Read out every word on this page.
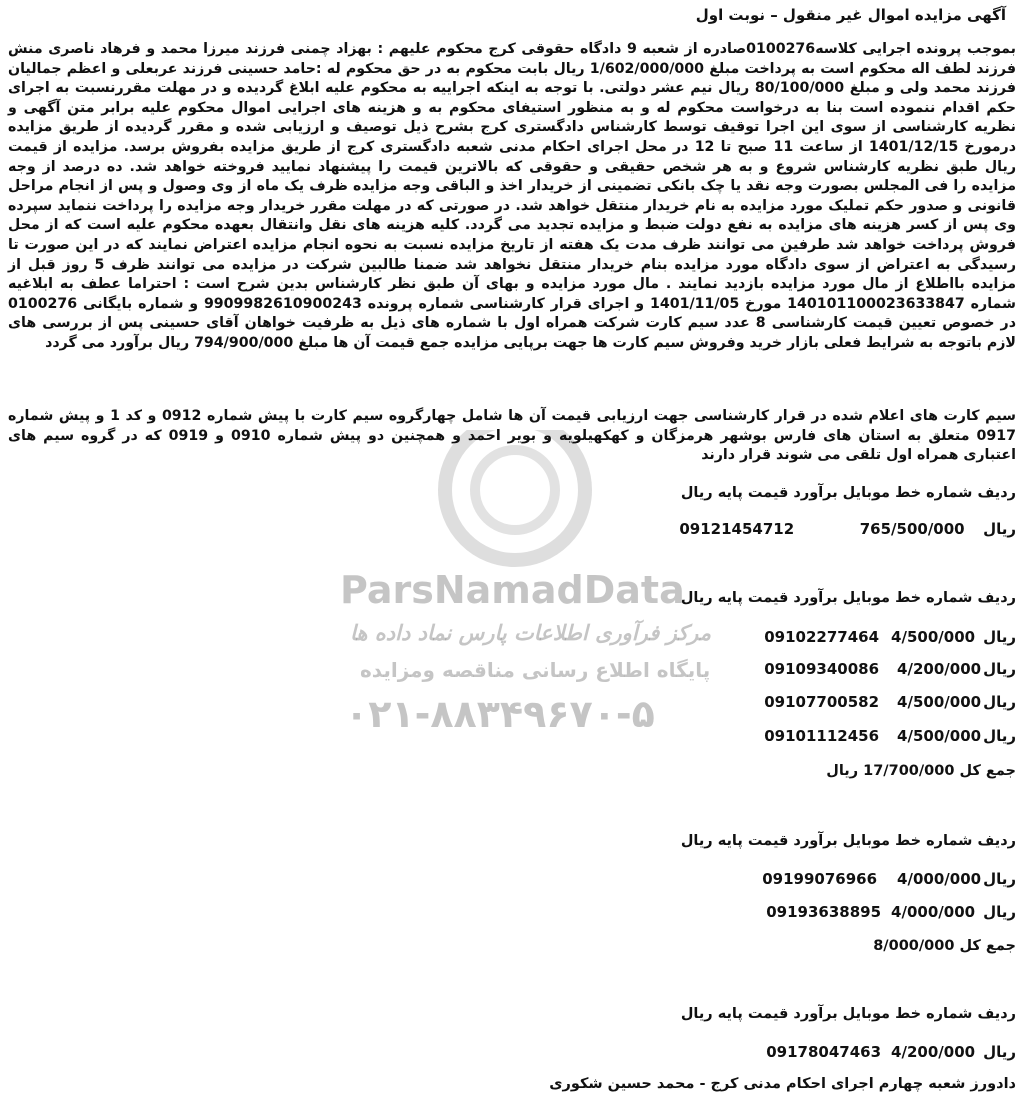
ParsNamadData
مرکز فرآوری اطلاعات پارس نماد داده ها
پایگاه اطلاع رسانی مناقصه ومزایده
۰۲۱-۸۸۳۴۹۶۷۰-۵
آگهی مزایده اموال غیر منقول – نوبت اول
بموجب پرونده اجرایی کلاسه0100276صادره از شعبه 9 دادگاه حقوقی کرج محکوم علیهم : بهزاد چمنی فرزند میرزا محمد و فرهاد ناصری منش فرزند لطف اله محکوم است به پرداخت مبلغ 1/602/000/000 ریال بابت محکوم به در حق محکوم له :حامد حسینی فرزند عربعلی و اعظم جمالیان فرزند محمد ولی و مبلغ 80/100/000 ریال نیم عشر دولتی. با توجه به اینکه اجراییه به محکوم علیه ابلاغ گردیده و در مهلت مقررنسبت به اجرای حکم اقدام ننموده است بنا به درخواست محکوم له و به منظور استیفای محکوم به و هزینه های اجرایی اموال محکوم علیه برابر متن آگهی و نظریه کارشناسی از سوی این اجرا توقیف توسط کارشناس دادگستری کرج بشرح ذیل توصیف و ارزیابی شده و مقرر گردیده از طریق مزایده درمورخ 1401/12/15 از ساعت 11 صبح تا 12 در محل اجرای احکام مدنی شعبه دادگستری کرج از طریق مزایده بفروش برسد. مزایده از قیمت ریال طبق نظریه کارشناس شروع و به هر شخص حقیقی و حقوقی که بالاترین قیمت را پیشنهاد نمایید فروخته خواهد شد. ده درصد از وجه مزایده را فی المجلس بصورت وجه نقد یا چک بانکی تضمینی از خریدار اخذ و الباقی وجه مزایده ظرف یک ماه از وی وصول و پس از انجام مراحل قانونی و صدور حکم تملیک مورد مزایده به نام خریدار منتقل خواهد شد. در صورتی که در مهلت مقرر خریدار وجه مزایده را پرداخت ننماید سپرده وی پس از کسر هزینه های مزایده به نفع دولت ضبط و مزایده تجدید می گردد. کلیه هزینه های نقل وانتقال بعهده محکوم علیه است که از محل فروش پرداخت خواهد شد طرفین می توانند ظرف مدت یک هفته از تاریخ مزایده نسبت به نحوه انجام مزایده اعتراض نمایند که در این صورت تا رسیدگی به اعتراض از سوی دادگاه مورد مزایده بنام خریدار منتقل نخواهد شد ضمنا طالبین شرکت در مزایده می توانند ظرف 5 روز قبل از مزایده بااطلاع از مال مورد مزایده بازدید نمایند . مال مورد مزایده و بهای آن طبق نظر کارشناس بدین شرح است : احتراما عطف به ابلاغیه شماره 140101100023633847 مورخ 1401/11/05 و اجرای قرار کارشناسی شماره پرونده 9909982610900243 و شماره بایگانی 0100276 در خصوص تعیین قیمت کارشناسی 8 عدد سیم کارت شرکت همراه اول با شماره های ذیل به ظرفیت خواهان آقای حسینی پس از بررسی های لازم باتوجه به شرایط فعلی بازار خرید وفروش سیم کارت ها جهت برپایی مزایده جمع قیمت آن ها مبلغ 794/900/000 ریال برآورد می گردد
سیم کارت های اعلام شده در قرار کارشناسی جهت ارزیابی قیمت آن ها شامل چهارگروه سیم کارت با پیش شماره 0912 و کد 1 و پیش شماره 0917 متعلق به استان های فارس بوشهر هرمزگان و کهکهیلویه و بویر احمد و همچنین دو پیش شماره 0910 و 0919 که در گروه سیم های اعتباری همراه اول تلقی می شوند قرار دارند
ردیف شماره خط موبایل برآورد قیمت پایه ریال
ریال  765/500/000  09121454712
ردیف شماره خط موبایل برآورد قیمت پایه ریال
ریال4/500/00009102277464
ریال4/200/00009109340086
ریال4/500/00009107700582
ریال4/500/00009101112456
جمع کل 17/700/000 ریال
ردیف شماره خط موبایل برآورد قیمت پایه ریال
ریال4/000/00009199076966
ریال4/000/00009193638895
جمع کل 8/000/000
ردیف شماره خط موبایل برآورد قیمت پایه ریال
ریال4/200/00009178047463
دادورز شعبه چهارم اجرای احکام مدنی کرج - محمد حسین شکوری
